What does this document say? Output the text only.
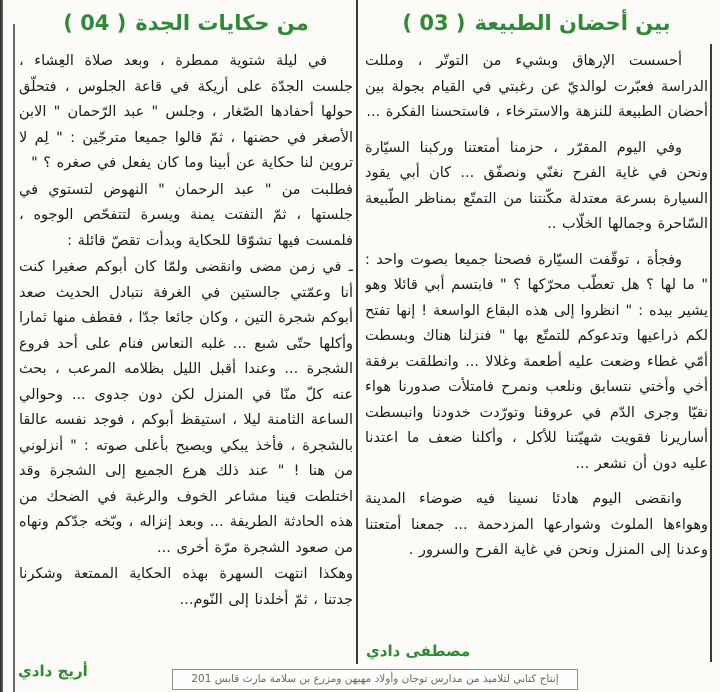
( 03 ) بين أحضان الطبيعة

أحسست الإرهاق وبشيء من التوتّر ، ومللت الدراسة فعبّرت لوالديّ عن رغبتي في القيام بجولة بين أحضان الطبيعة للنزهة والاسترخاء ، فاستحسنا الفكرة ...

وفي اليوم المقرّر ، حزمنا أمتعتنا وركبنا السيّارة ونحن في غاية الفرح نغنّي ونصفّق ... كان أبي يقود السيارة بسرعة معتدلة مكّنتنا من التمتّع بمناظر الطّبيعة السّاحرة وجمالها الخلّاب ..

وفجأة ، توقّفت السيّارة فصحنا جميعا بصوت واحد : " ما لها ؟ هل تعطّب محرّكها ؟ " فابتسم أبي قائلا وهو يشير بيده : " انظروا إلى هذه البقاع الواسعة ! إنها تفتح لكم ذراعيها وتدعوكم للتمتّع بها " فنزلنا هناك وبسطت أمّي غطاء وضعت عليه أطعمة وغلالا ... وانطلقت برفقة أخي وأختي نتسابق ونلعب ونمرح فامتلأت صدورنا هواء نقيّا وجرى الدّم في عروقنا وتورّدت خدودنا وانبسطت أساريرنا فقويت شهيّتنا للأكل ، وأكلنا ضعف ما اعتدنا عليه دون أن نشعر ...

وانقضى اليوم هادئا نسينا فيه ضوضاء المدينة وهواءها الملوث وشوارعها المزدحمة ... جمعنا أمتعتنا وعدنا إلى المنزل ونحن في غاية الفرح والسرور .

مصطفى دادي
( 04 ) من حكايات الجدة

في ليلة شتوية ممطرة ، وبعد صلاة العِشاء ، جلست الجدّة على أريكة في قاعة الجلوس ، فتحلّق حولها أحفادها الصّغار ، وجلس " عبد الرّحمان " الابن الأصغر في حضنها ، ثمّ قالوا جميعا مترجّين : " لِم لا تروين لنا حكاية عن أبينا وما كان يفعل في صغره ؟ "

فطلبت من " عبد الرحمان " النهوض لتستوي في جلستها ، ثمّ التفتت يمنة ويسرة لتتفحّص الوجوه ، فلمست فيها تشوّقا للحكاية وبدأت تقصّ قائلة :

ـ في زمن مضى وانقضى ولمّا كان أبوكم صغيرا كنت أنا وعمّتي جالستين في الغرفة نتبادل الحديث صعد أبوكم شجرة التين ، وكان جائعا جدّا ، فقطف منها ثمارا وأكلها حتّى شبع ... غلبه النعاس فنام على أحد فروع الشجرة ... وعندا أقبل الليل بظلامه المرعب ، بحث عنه كلّ منّا في المنزل لكن دون جدوى ... وحوالي الساعة الثامنة ليلا ، استيقظ أبوكم ، فوجد نفسه عالقا بالشجرة ، فأخذ يبكي ويصيح بأعلى صوته : " أنزلوني من هنا ! " عند ذلك هرع الجميع إلى الشجرة وقد اختلطت فينا مشاعر الخوف والرغبة في الضحك من هذه الحادثة الطريفة ... وبعد إنزاله ، وبّخه جدّكم ونهاه من صعود الشجرة مرّة أخرى ...

وهكذا انتهت السهرة بهذه الحكاية الممتعة وشكرنا جدتنا ، ثمّ أخلدنا إلى النّوم...

أريج دادي	إنتاج كتابي لتلاميذ من مدارس توجان وأولاد مهيهن ومزرع بن سلامة مارث قابس 201
